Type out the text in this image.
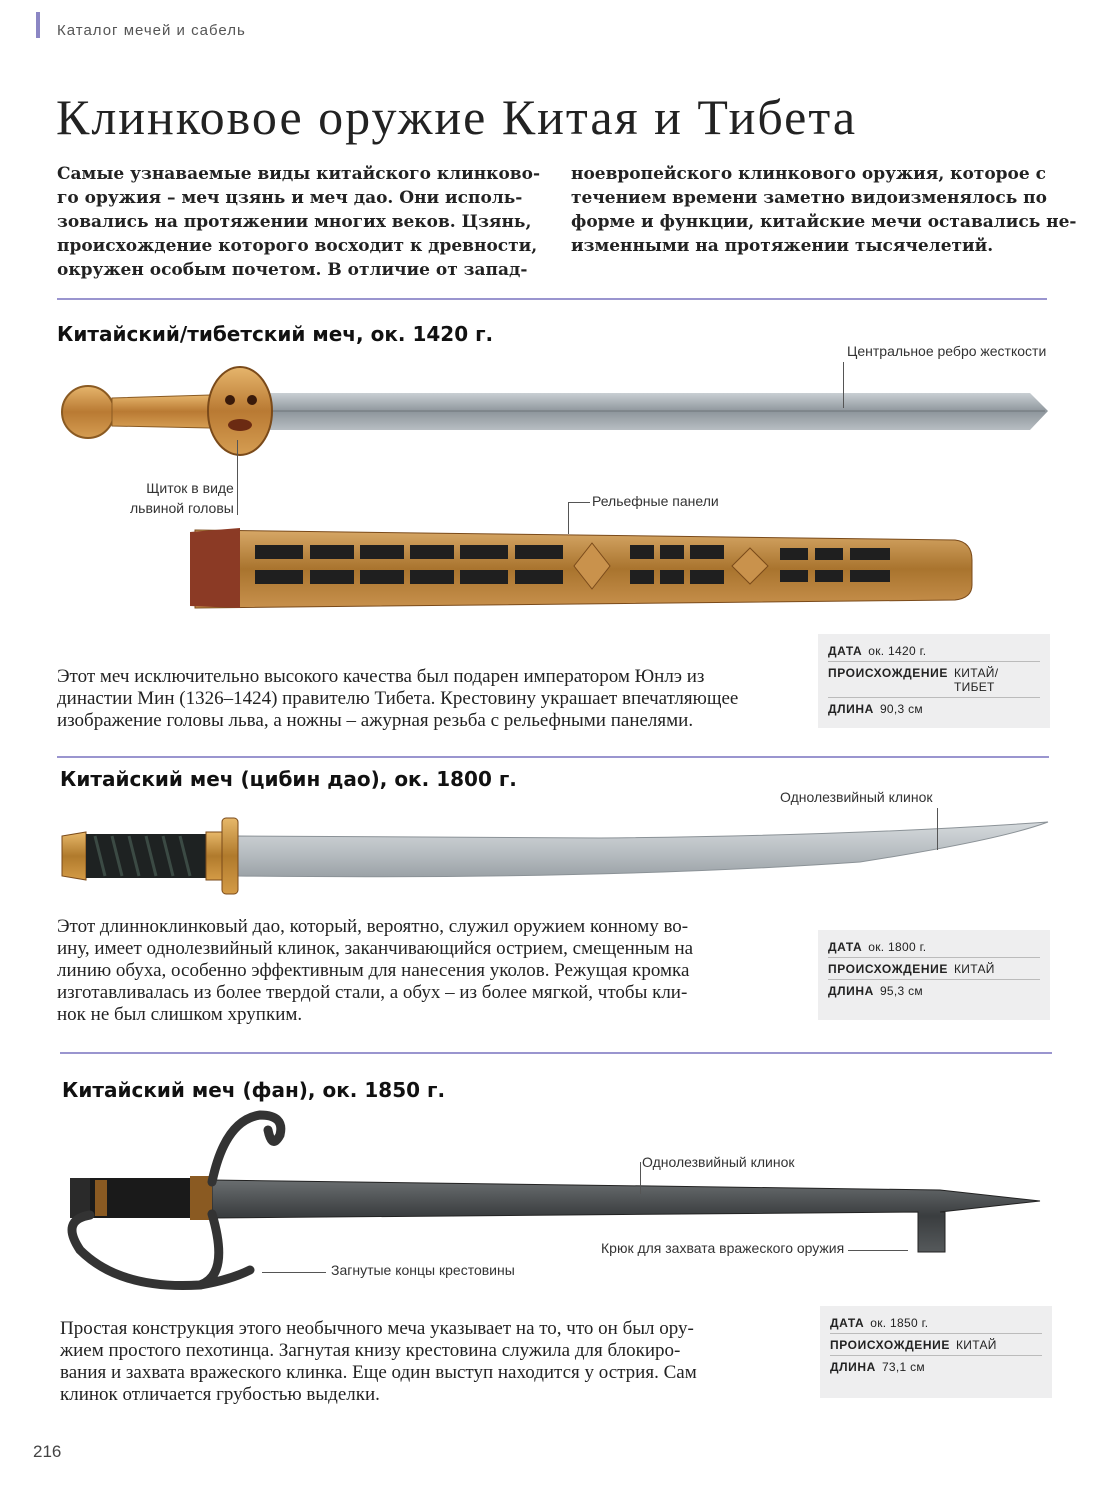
Каталог мечей и сабель
Клинковое оружие Китая и Тибета

Самые узнаваемые виды китайского клинково-

го оружия – меч цзянь и меч дао. Они исполь-

зовались на протяжении многих веков. Цзянь,

происхождение которого восходит к древности,

окружен особым почетом. В отличие от запад-

ноевропейского клинкового оружия, которое с

течением времени заметно видоизменялось по

форме и функции, китайские мечи оставались не-

изменными на протяжении тысячелетий.

Китайский/тибетский меч, ок. 1420 г.
Центральное ребро жесткости
Щиток в виде
львиной головы	Рельефные панели

Этот меч исключительно высокого качества был подарен императором Юнлэ из

династии Мин (1326–1424) правителю Тибета. Крестовину украшает впечатляющее

изображение головы льва, а ножны – ажурная резьба с рельефными панелями.

ДАТА ок. 1420 г.
ПРОИСХОЖДЕНИЕ КИТАЙ/
ТИБЕТ
ДЛИНА 90,3 см
Китайский меч (цибин дао), ок. 1800 г.
Однолезвийный клинок

Этот длинноклинковый дао, который, вероятно, служил оружием конному во-

ину, имеет однолезвийный клинок, заканчивающийся острием, смещенным на

линию обуха, особенно эффективным для нанесения уколов. Режущая кромка

изготавливалась из более твердой стали, а обух – из более мягкой, чтобы кли-

нок не был слишком хрупким.

ДАТА ок. 1800 г.
ПРОИСХОЖДЕНИЕ КИТАЙ
ДЛИНА 95,3 см
Китайский меч (фан), ок. 1850 г.
Однолезвийный клинок
Крюк для захвата вражеского оружия
Загнутые концы крестовины

Простая конструкция этого необычного меча указывает на то, что он был ору-

жием простого пехотинца. Загнутая книзу крестовина служила для блокиро-

вания и захвата вражеского клинка. Еще один выступ находится у острия. Сам

клинок отличается грубостью выделки.

ДАТА ок. 1850 г.
ПРОИСХОЖДЕНИЕ КИТАЙ
ДЛИНА 73,1 см
216
